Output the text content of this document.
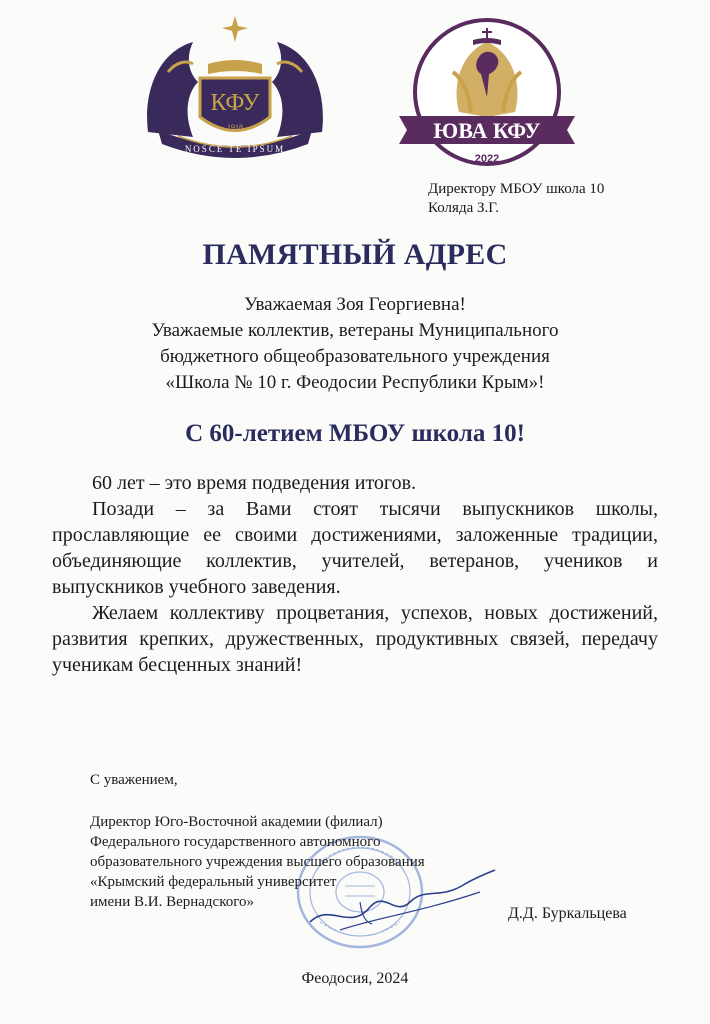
КФУ
1918
NOSCE TE IPSUM
ЮВА КФУ
2022
Директору МБОУ школа 10
Коляда З.Г.
ПАМЯТНЫЙ АДРЕС
Уважаемая Зоя Георгиевна!
Уважаемые коллектив, ветераны Муниципального
бюджетного общеобразовательного учреждения
«Школа № 10 г. Феодосии Республики Крым»!
С 60-летием МБОУ школа 10!

60 лет – это время подведения итогов.

Позади – за Вами стоят тысячи выпускников школы, прославляющие ее своими достижениями, заложенные традиции, объединяющие коллектив, учителей, ветеранов, учеников и выпускников учебного заведения.

Желаем коллективу процветания, успехов, новых достижений, развития крепких, дружественных, продуктивных связей, передачу ученикам бесценных знаний!

С уважением,
Директор Юго-Восточной академии (филиал)
Федерального государственного автономного
образовательного учреждения высшего образования
«Крымский федеральный университет
имени В.И. Вернадского»
Д.Д. Буркальцева
Феодосия, 2024
